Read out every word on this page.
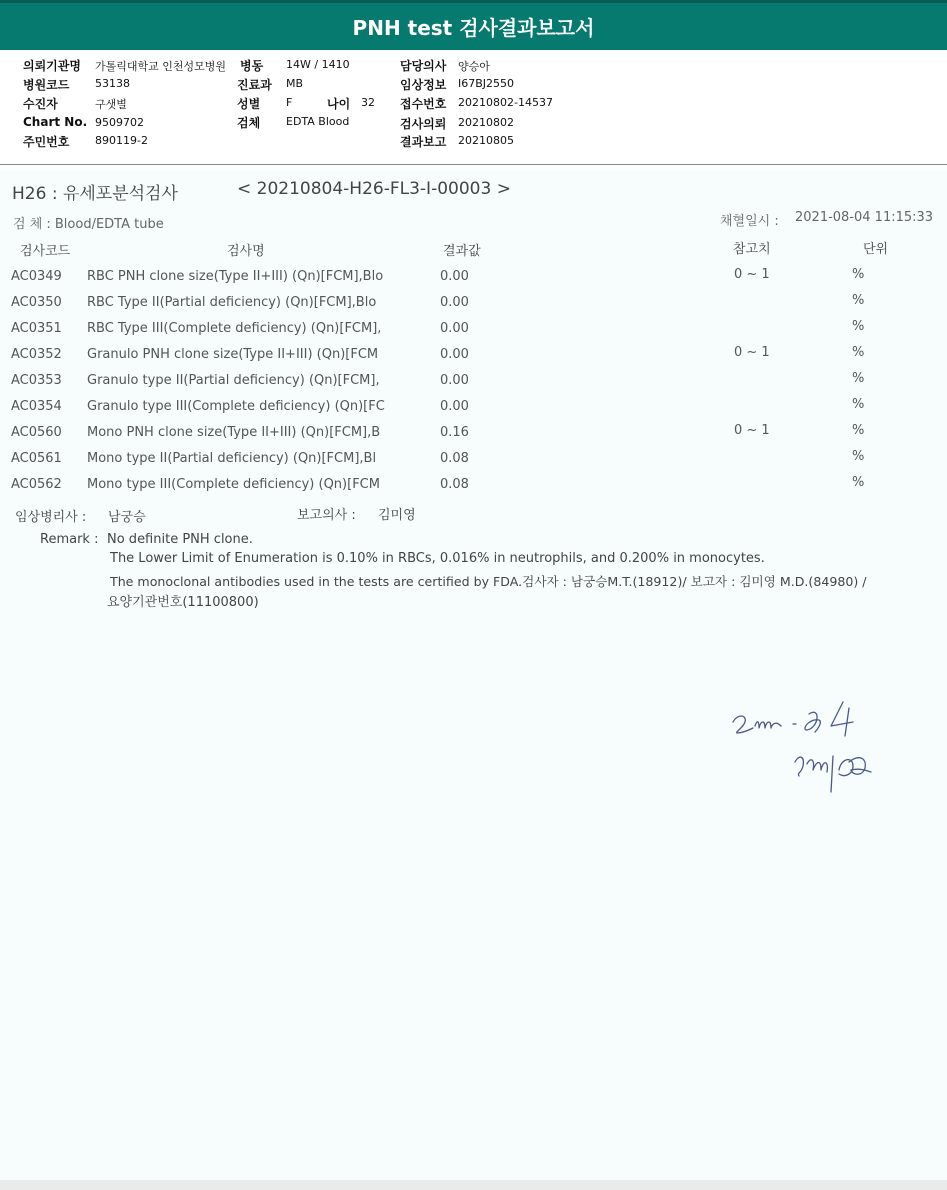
PNH test 검사결과보고서
의뢰기관명 가톨릭대학교 인천성모병원 병동 14W / 1410	담당의사 양승아
병원코드 53138	진료과 MB	임상정보 I67BJ2550
수진자	구샛별	성별 F	나이 32 접수번호 20210802-14537
Chart No. 9509702	검체 EDTA Blood	검사의뢰 20210802
주민번호 890119-2	결과보고 20210805
H26 : 유세포분석검사	< 20210804-H26-FL3-I-00003 >
검 체 : Blood/EDTA tube	채혈일시 : 2021-08-04 11:15:33
검사코드	검사명	결과값	참고치	단위
AC0349 RBC PNH clone size(Type II+III) (Qn)[FCM],Blo	0.00	0 ~ 1	%
AC0350 RBC Type II(Partial deficiency) (Qn)[FCM],Blo	0.00	%
AC0351 RBC Type III(Complete deficiency) (Qn)[FCM],	0.00	%
AC0352 Granulo PNH clone size(Type II+III) (Qn)[FCM	0.00	0 ~ 1	%
AC0353 Granulo type II(Partial deficiency) (Qn)[FCM],	0.00	%
AC0354 Granulo type III(Complete deficiency) (Qn)[FC	0.00	%
AC0560 Mono PNH clone size(Type II+III) (Qn)[FCM],B	0.16	0 ~ 1	%
AC0561 Mono type II(Partial deficiency) (Qn)[FCM],Bl	0.08	%
AC0562 Mono type III(Complete deficiency) (Qn)[FCM	0.08	%
임상병리사 : 남궁승	보고의사 : 김미영
Remark : No definite PNH clone.
The Lower Limit of Enumeration is 0.10% in RBCs, 0.016% in neutrophils, and 0.200% in monocytes.
The monoclonal antibodies used in the tests are certified by FDA.검사자 : 남궁승M.T.(18912)/ 보고자 : 김미영 M.D.(84980) /
요양기관번호(11100800)
